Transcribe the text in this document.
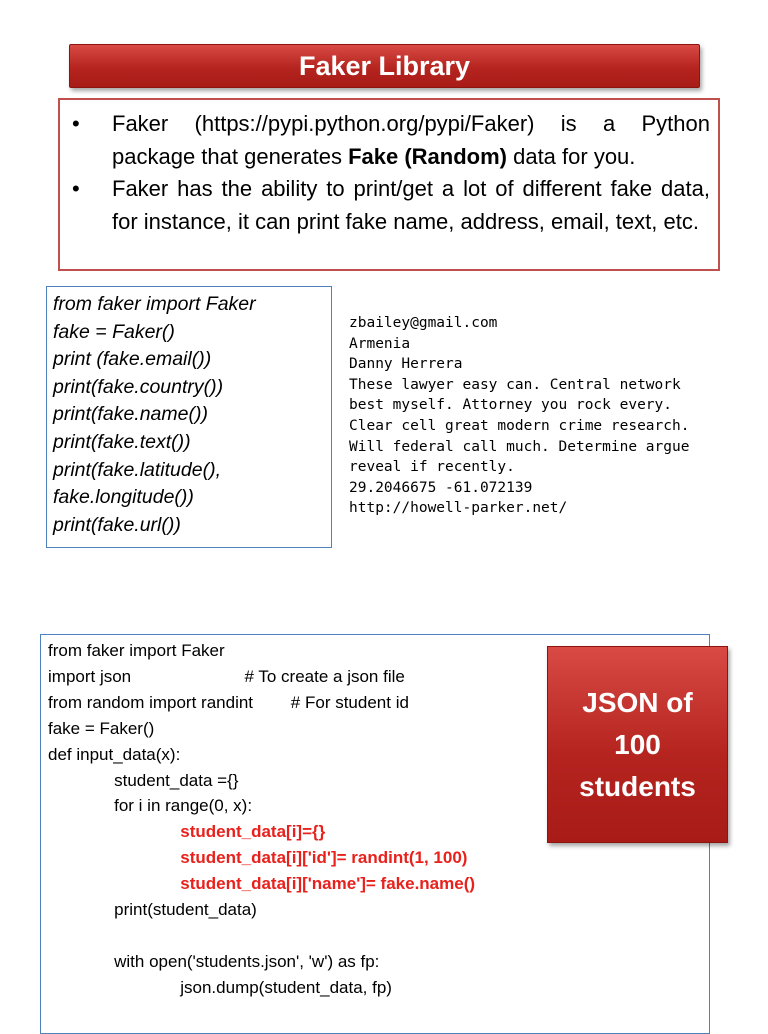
Faker Library
•	Faker (https://pypi.python.org/pypi/Faker) is a Python package that generates Fake (Random) data for you.
•	Faker has the ability to print/get a lot of different fake data, for instance, it can print fake name, address, email, text, etc.
from faker import Faker
fake = Faker()
print (fake.email())
print(fake.country())
print(fake.name())
print(fake.text())
print(fake.latitude(),
fake.longitude())
print(fake.url())
zbailey@gmail.com
Armenia
Danny Herrera
These lawyer easy can. Central network
best myself. Attorney you rock every.
Clear cell great modern crime research.
Will federal call much. Determine argue
reveal if recently.
29.2046675 -61.072139
http://howell-parker.net/
from faker import Faker
import json                        # To create a json file
from random import randint        # For student id
fake = Faker()
def input_data(x):
student_data ={}
for i in range(0, x):
student_data[i]={}
student_data[i]['id']= randint(1, 100)
student_data[i]['name']= fake.name()
print(student_data)
with open('students.json', 'w') as fp:
json.dump(student_data, fp)
JSON of
100
students
